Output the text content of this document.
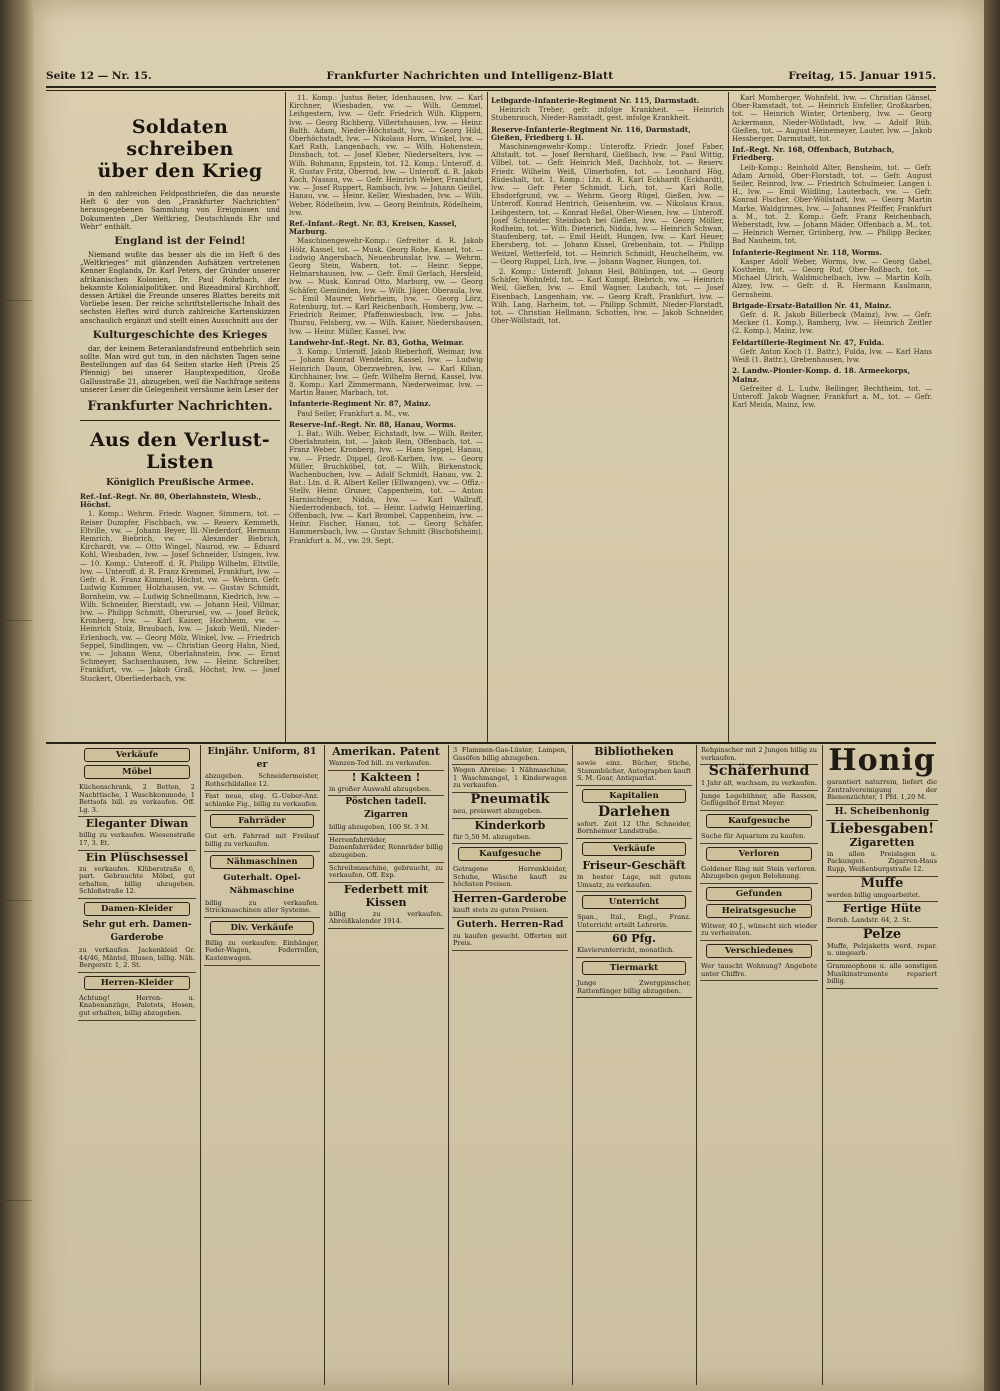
Seite 12 — Nr. 15.	Frankfurter Nachrichten und Intelligenz-Blatt	Freitag, 15. Januar 1915.
Soldaten schreiben
über den Krieg

in den zahlreichen Feldpostbriefen, die das neueste Heft 6 der von den „Frankfurter Nachrichten“ herausgegebenen Sammlung von Ereignissen und Dokumenten „Der Weltkrieg, Deutschlands Ehr und Wehr“ enthält.

England ist der Feind!

Niemand wußte das besser als die im Heft 6 des „Weltkrieges“ mit glänzenden Aufsätzen vertretenen Kenner Englands, Dr. Karl Peters, der Gründer unserer afrikanischen Kolonien, Dr. Paul Rohrbach, der bekannte Kolonialpolitiker, und Bizeadmiral Kirchhoff, dessen Artikel die Freunde unseres Blattes bereits mit Vorliebe lesen. Der reiche schriftstellerische Inhalt des sechsten Heftes wird durch zahlreiche Kartenskizzen anschaulich ergänzt und stellt einen Ausschnitt aus der

Kulturgeschichte des Krieges

dar, der keinem Beteranlandsfreund entbehrlich sein sollte. Man wird gut tun, in den nächsten Tagen seine Bestellungen auf das 64 Seiten starke Heft (Preis 25 Pfennig) bei unserer Hauptexpedition, Große Gallusstraße 21, abzugeben, weil die Nachfrage seitens unserer Leser die Gelegenheit versäume kein Leser der

Frankfurter Nachrichten.
Aus den Verlust-Listen
Königlich Preußische Armee.
Ref.-Inf.-Regt. Nr. 80, Oberlahnstein, Wiesb., Höchst.

1. Komp.: Wehrm. Friedr. Wagner, Simmern, tot. — Reiser Dumpfer, Fischbach, vw. — Reserv. Kemmeth, Eltville, vw. — Johann Beyer, Ill.-Niederdorf, Hermann Remrich, Biebrich, vw. — Alexander Biebrich, Kirchardt, vw. — Otto Wingel, Naurod, vw. — Eduard Kohl, Wiesbaden, lvw. — Josef Schneider, Usingen, lvw. — 10. Komp.: Unteroff. d. R. Philipp Wilhelm, Eltville, lvw. — Unteroff. d. R. Franz Kremmel, Frankfurt, lvw. — Gefr. d. R. Franz Kimmel, Höchst, vw. — Wehrm. Gefr. Ludwig Kummer, Holzhausen, vw. — Gustav Schmidt, Bornheim, vw. — Ludwig Schnellmann, Kiedrich, lvw. — Wilh. Schneider, Bierstadt, vw. — Johann Heil, Villmar, lvw. — Philipp Schmitt, Oberursel, vw. — Josef Brück, Kronberg, lvw. — Karl Kaiser, Hochheim, vw. — Heinrich Stolz, Braubach, lvw. — Jakob Weiß, Nieder-Erlenbach, vw. — Georg Mölz, Winkel, lvw. — Friedrich Seppel, Sindlingen, vw. — Christian Georg Hahn, Nied, vw. — Johann Wenz, Oberlahnstein, lvw. — Ernst Schmeyer, Sachsenhausen, lvw. — Heinr. Schreiber, Frankfurt, vw. — Jakob Graß, Höchst, lvw. — Josef Stuckert, Oberliederbach, vw.

11. Komp.: Justus Beter, Idenhausen, lvw. — Karl Kirchner, Wiesbaden, vw. — Wilh. Gemmel, Leihgestern, lvw. — Gefr. Friedrich Wilh. Klippern, lvw. — Georg Richberg, Villertshausen, lvw. — Heinr. Balth. Adam, Nieder-Höchstadt, lvw. — Georg Hild, Oberhöchstadt, lvw. — Nikolaus Horn, Winkel, lvw. — Karl Rath, Langenbach, vw. — Wilh. Hohenstein, Dinsbach, tot. — Josef Kleber, Niederselters, lvw. — Wilh. Bohmann, Eppstein, tot. 12. Komp.: Unteroff. d. R. Gustav Fritz, Oberrod, lvw. — Unteroff. d. R. Jakob Koch, Nassau, vw. — Gefr. Heinrich Weber, Frankfurt, vw. — Josef Ruppert, Rambach, lvw. — Johann Geißel, Hanau, vw. — Heinr. Keller, Wiesbaden, lvw. — Wilh. Weber, Rödelheim, lvw. — Georg Beinhuis, Rödelheim, lvw.

Ref.-Infant.-Regt. Nr. 83, Kreisen, Kassel, Marburg.

Maschinengewehr-Komp.: Gefreiter d. R. Jakob Hölz, Kassel, tot. — Musk. Georg Rohe, Kassel, tot. — Ludwig Angersbach, Neuenbrunslar, lvw. — Wehrm. Georg Stein, Wabern, tot. — Heinr. Seppe, Helmarshausen, lvw. — Gefr. Emil Gerlach, Hersfeld, lvw. — Musk. Konrad Otto, Marburg, vw. — Georg Schäfer, Gemünden, lvw. — Wilh. Jäger, Oberaula, lvw. — Emil Maurer, Wehrheim, lvw. — Georg Lörz, Rotenburg, tot. — Karl Reichenbach, Homberg, lvw. — Friedrich Reimer, Pfaffenwiesbach, lvw. — Johs. Thurau, Felsberg, vw. — Wilh. Kaiser, Niedershausen, lvw. — Heinr. Müller, Kassel, lvw.

Landwehr-Inf.-Regt. Nr. 83, Gotha, Weimar.

3. Komp.: Unteroff. Jakob Rieberhoff, Weimar, lvw. — Johann Konrad Wendelin, Kassel, lvw. — Ludwig Heinrich Daum, Oberzwehren, lvw. — Karl Kilian, Kirchhainer, lvw. — Gefr. Wilhelm Bernd, Kassel, lvw. 8. Komp.: Karl Zimmermann, Niederweimar, lvw. — Martin Bauer, Marbach, tot.

Infanterie-Regiment Nr. 87, Mainz.

Paul Seiler, Frankfurt a. M., vw.

Reserve-Inf.-Regt. Nr. 88, Hanau, Worms.

1. Bat.: Wilh. Weber, Eichstadt, lvw. — Wilh. Reiter, Oberlahnstein, tot. — Jakob Rein, Offenbach, tot. — Franz Weber, Kronberg, lvw. — Hans Seppel, Hanau, vw. — Friedr. Dippel, Groß-Karben, lvw. — Georg Müller, Bruchköbel, tot. — Wilh. Birkenstock, Wachenbuchen, lvw. — Adolf Schmidt, Hanau, vw. 2. Bat.: Ltn. d. R. Albert Keller (Ellwangen), vw. — Offiz.-Stellv. Heinr. Gruner, Cappenheim, tot. — Anton Harnischfeger, Nidda, lvw. — Karl Wallraff, Niederrodenbach, tot. — Heinr. Ludwig Heinzerling, Offenbach, lvw. — Karl Brombel, Cappenheim, lvw. — Heinr. Fischer, Hanau, tot. — Georg Schäfer, Hammersbach, lvw. — Gustav Schmitt (Bischofsheim), Frankfurt a. M., vw. 29. Sept.

Leibgarde-Infanterie-Regiment Nr. 115, Darmstadt.

Heinrich Treber, gefr. infolge Krankheit. — Heinrich Stubenrauch, Nieder-Ramstadt, gest. infolge Krankheit.

Reserve-Infanterie-Regiment Nr. 116, Darmstadt, Gießen, Friedberg i. H.

Maschinengewehr-Komp.: Unteroffz. Friedr. Josef Faber, Altstadt, tot. — Josef Bernhard, Gießbach, lvw. — Paul Wittig, Vilbel, tot. — Gefr. Heinrich Meß, Dachholz, tot. — Reserv. Friedr. Wilhelm Weiß, Ulmerhofen, tot. — Leonhard Hög, Rüdeshalt, tot. 1. Komp.: Ltn. d. R. Karl Eckhardt (Eckhardt), lvw. — Gefr. Peter Schmidt, Lich, tot. — Karl Rolle, Ebsdorfgrund, vw. — Wehrm. Georg Rügel, Gießen, lvw. — Unteroff. Konrad Hentrich, Geisenheim, vw. — Nikolaus Kraus, Leihgestern, tot. — Konrad Heßel, Ober-Wiesen, lvw. — Unteroff. Josef Schneider, Steinbach bei Gießen, lvw. — Georg Möller, Rodheim, tot. — Wilh. Dieterich, Nidda, lvw. — Heinrich Schwan, Staufenberg, tot. — Emil Heidt, Hungen, lvw. — Karl Heuer, Ebersberg, tot. — Johann Kissel, Grebenhain, tot. — Philipp Weitzel, Wetterfeld, tot. — Heinrich Schmidt, Heuchelheim, vw. — Georg Ruppel, Lich, lvw. — Johann Wagner, Hungen, tot.

2. Komp.: Unteroff. Johann Heil, Böhlingen, tot. — Georg Schäfer, Wohnfeld, tot. — Karl Kumpf, Biebrich, vw. — Heinrich Weil, Gießen, lvw. — Emil Wagner, Laubach, tot. — Josef Eisenbach, Langenhain, vw. — Georg Kraft, Frankfurt, lvw. — Wilh. Lang, Harheim, tot. — Philipp Schmitt, Nieder-Florstadt, tot. — Christian Hellmann, Schotten, lvw. — Jakob Schneider, Ober-Wöllstadt, tot.

Karl Momberger, Wohnfeld, lvw. — Christian Gänsel, Ober-Ramstadt, tot. — Heinrich Eisfeller, Großkarben, tot. — Heinrich Winter, Ortenberg, lvw. — Georg Ackermann, Nieder-Wöllstadt, lvw. — Adolf Rüb, Gießen, tot. — August Heinemeyer, Lauter, lvw. — Jakob Hessberger, Darmstadt, tot.

Inf.-Regt. Nr. 168, Offenbach, Butzbach, Friedberg.

Leib-Komp.: Reinhold Alter, Bensheim, tot. — Gefr. Adam Arnold, Ober-Florstadt, tot. — Gefr. August Seiler, Reinrod, lvw. — Friedrich Schulmeier, Langen i. H., lvw. — Emil Wildling, Lauterbach, vw. — Gefr. Konrad Fischer, Ober-Wöllstadt, lvw. — Georg Martin Marke, Waldgirmes, lvw. — Johannes Pfeiffer, Frankfurt a. M., tot. 2. Komp.: Gefr. Franz Reichenbach, Weberstadt, lvw. — Johann Mäder, Offenbach a. M., tot. — Heinrich Werner, Grünberg, lvw. — Philipp Becker, Bad Nauheim, tot.

Infanterie-Regiment Nr. 118, Worms.

Kasper Adolf Weber, Worms, lvw. — Georg Gabel, Kostheim, tot. — Georg Ruf, Ober-Roßbach, tot. — Michael Ulrich, Waldmichelbach, lvw. — Martin Kolb, Alzey, lvw. — Gefr. d. R. Hermann Kaulmann, Gernsheim.

Brigade-Ersatz-Bataillon Nr. 41, Mainz.

Gefr. d. R. Jakob Billerbeck (Mainz), lvw. — Gefr. Mecker (1. Komp.), Bamberg, lvw. — Heinrich Zeitler (2. Komp.), Mainz, lvw.

Feldartillerie-Regiment Nr. 47, Fulda.

Gefr. Anton Koch (1. Battr.), Fulda, lvw. — Karl Hans Weiß (1. Battr.), Grebenhausen, lvw.

2. Landw.-Pionier-Komp. d. 18. Armeekorps, Mainz.

Gefreiter d. L. Ludw. Bellinger, Bechtheim, tot. — Unteroff. Jakob Wagner, Frankfurt a. M., tot. — Gefr. Karl Meida, Mainz, lvw.

Verkäufe
Möbel
Küchenschrank, 2 Betten, 2 Nachttische, 1 Waschkommode, 1 Bettsofa bill. zu verkaufen. Off. Lg. 3.
Eleganter Diwan
billig zu verkaufen. Wiesenstraße 17, 3. Et.
Ein Plüschsessel
zu verkaufen. Klüberstraße 6, part. Gebrauchte Möbel, gut erhalten, billig abzugeben. Schloßstraße 12.
Damen-Kleider
Sehr gut erh. Damen-Garderobe
zu verkaufen. Jackenkleid Gr. 44/46, Mäntel, Blusen, billig. Näh. Bergerstr. 1, 2. St.
Herren-Kleider
Achtung! Herren- u. Knabenanzüge, Paletots, Hosen, gut erhalten, billig abzugeben.
Einjähr. Uniform, 81 er
abzugeben. Schneidermeister, Rothschildallee 12.
Fast neue, eleg. G.-Ueber-Anz. schlanke Fig., billig zu verkaufen.
Fahrräder
Gut erh. Fahrrad mit Freilauf billig zu verkaufen.
Nähmaschinen
Guterhalt. Opel-Nähmaschine
billig zu verkaufen. Strickmaschinen aller Systeme.
Div. Verkäufe
Billig zu verkaufen: Einhänger, Feder-Wagen, Federrollen, Kastenwagen.
Amerikan. Patent
Wanzen-Tod bill. zu verkaufen.
! Kakteen !
in großer Auswahl abzugeben.
Pöstchen tadell. Zigarren
billig abzugeben, 100 St. 3 M.
Herrenfahrräder, Damenfahrräder, Rennräder billig abzugeben.
Schreibmaschine, gebraucht, zu verkaufen. Off. Exp.
Federbett mit Kissen
billig zu verkaufen. Abreißkalender 1914.
3 Flammen-Gas-Lüster, Lampen, Gasöfen billig abzugeben.
Wegen Abreise: 1 Nähmaschine, 1 Waschmangel, 1 Kinderwagen zu verkaufen.
Pneumatik
neu, preiswert abzugeben.
Kinderkorb
für 5,50 M. abzugeben.
Kaufgesuche
Getragene Herrenkleider, Schuhe, Wäsche kauft zu höchsten Preisen.
Herren-Garderobe
kauft stets zu guten Preisen.
Guterh. Herren-Rad
zu kaufen gesucht. Offerten mit Preis.
Bibliotheken
sowie einz. Bücher, Stiche, Stammbücher, Autographen kauft S. M. Goar, Antiquariat.
Kapitalien
Darlehen
sofort. Zeit 12 Uhr. Schneider, Bornheimer Landstraße.
Verkäufe
Friseur-Geschäft
in bester Lage, mit gutem Umsatz, zu verkaufen.
Unterricht
Span., Ital., Engl., Franz. Unterricht erteilt Lehrerin.
60 Pfg.
Klavierunterricht, monatlich.
Tiermarkt
Junge Zwergpinscher, Rattenfänger billig abzugeben.
Rehpinscher mit 2 Jungen billig zu verkaufen.
Schäferhund
1 Jahr alt, wachsam, zu verkaufen.
Junge Legehühner, alle Rassen, Geflügelhof Ernst Meyer.
Kaufgesuche
Suche für Aquarium zu kaufen.
Verloren
Goldener Ring mit Stein verloren. Abzugeben gegen Belohnung.
Gefunden
Heiratsgesuche
Witwer, 40 J., wünscht sich wieder zu verheiraten.
Verschiedenes
Wer tauscht Wohnung? Angebote unter Chiffre.
Honig
garantiert naturrein, liefert die Zentralvereinigung der Bienenzüchter, 1 Pfd. 1,20 M.
H. Scheibenhonig
Liebesgaben!
Zigaretten
in allen Preislagen u. Packungen. Zigarren-Haus Rupp, Weißenburgstraße 12.
Muffe
werden billig umgearbeitet.
Fertige Hüte
Bornh. Landstr. 64, 2. St.
Pelze
Muffe, Pelzjaketts werd. repar. u. umgearb.
Grammophone u. alle sonstigen Musikinstrumente repariert billig.
